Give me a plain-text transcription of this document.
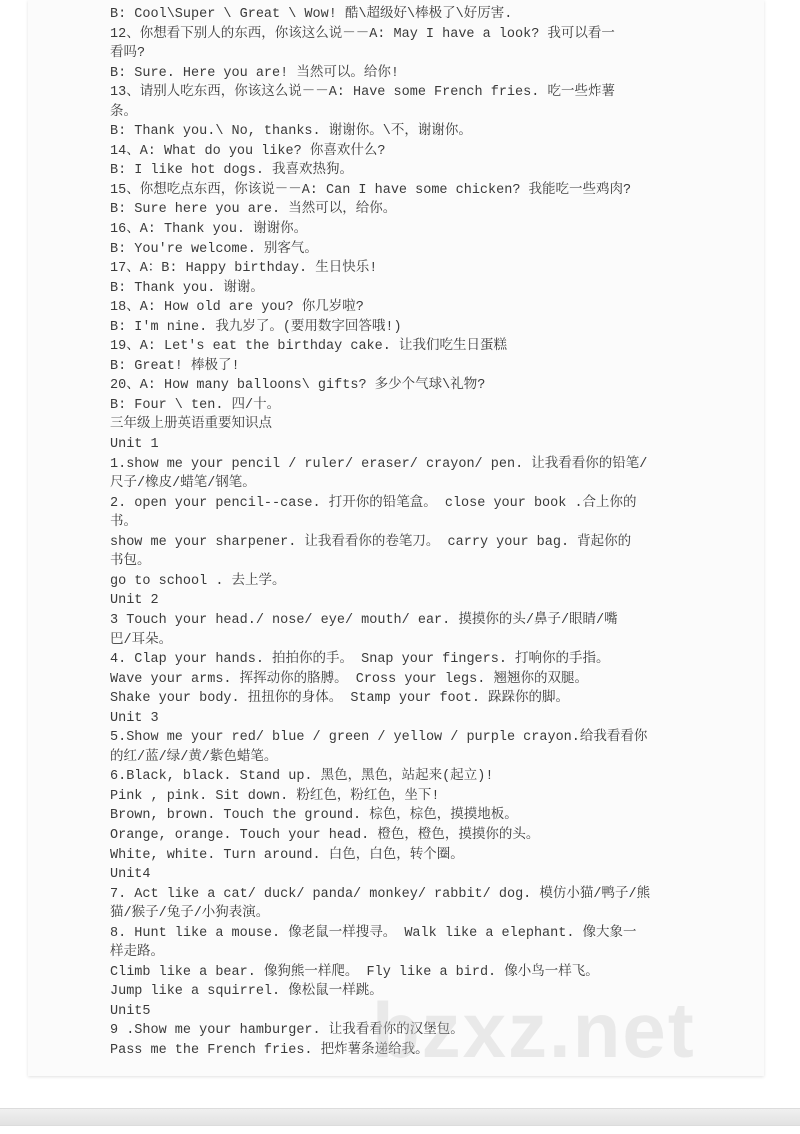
B: Cool\Super \ Great \ Wow! 酷\超级好\棒极了\好厉害.
12、你想看下别人的东西，你该这么说－－A: May I have a look? 我可以看一
看吗?
B: Sure. Here you are! 当然可以。给你!
13、请别人吃东西，你该这么说－－A: Have some French fries. 吃一些炸薯
条。
B: Thank you.\ No, thanks. 谢谢你。\不，谢谢你。
14、A: What do you like? 你喜欢什么?
B: I like hot dogs. 我喜欢热狗。
15、你想吃点东西，你该说－－A: Can I have some chicken? 我能吃一些鸡肉?
B: Sure here you are. 当然可以，给你。
16、A: Thank you. 谢谢你。
B: You're welcome. 别客气。
17、A：B: Happy birthday. 生日快乐!
B: Thank you. 谢谢。
18、A: How old are you? 你几岁啦?
B: I'm nine. 我九岁了。(要用数字回答哦!)
19、A: Let's eat the birthday cake. 让我们吃生日蛋糕
B: Great! 棒极了!
20、A: How many balloons\ gifts? 多少个气球\礼物?
B: Four \ ten. 四/十。
三年级上册英语重要知识点
Unit 1
1.show me your pencil / ruler/ eraser/ crayon/ pen. 让我看看你的铅笔/
尺子/橡皮/蜡笔/钢笔。
2. open your pencil--case. 打开你的铅笔盒。 close your book .合上你的
书。
show me your sharpener. 让我看看你的卷笔刀。 carry your bag. 背起你的
书包。
go to school . 去上学。
Unit 2
3 Touch your head./ nose/ eye/ mouth/ ear. 摸摸你的头/鼻子/眼睛/嘴
巴/耳朵。
4. Clap your hands. 拍拍你的手。 Snap your fingers. 打响你的手指。
Wave your arms. 挥挥动你的胳膊。 Cross your legs. 翘翘你的双腿。
Shake your body. 扭扭你的身体。 Stamp your foot. 跺跺你的脚。
Unit 3
5.Show me your red/ blue / green / yellow / purple crayon.给我看看你
的红/蓝/绿/黄/紫色蜡笔。
6.Black, black. Stand up. 黑色，黑色，站起来(起立)!
Pink , pink. Sit down. 粉红色，粉红色，坐下!
Brown, brown. Touch the ground. 棕色，棕色，摸摸地板。
Orange, orange. Touch your head. 橙色，橙色，摸摸你的头。
White, white. Turn around. 白色，白色，转个圈。
Unit4
7. Act like a cat/ duck/ panda/ monkey/ rabbit/ dog. 模仿小猫/鸭子/熊
猫/猴子/兔子/小狗表演。
8. Hunt like a mouse. 像老鼠一样搜寻。 Walk like a elephant. 像大象一
样走路。
Climb like a bear. 像狗熊一样爬。 Fly like a bird. 像小鸟一样飞。
Jump like a squirrel. 像松鼠一样跳。
Unit5
9 .Show me your hamburger. 让我看看你的汉堡包。
Pass me the French fries. 把炸薯条递给我。
bzxz.net
